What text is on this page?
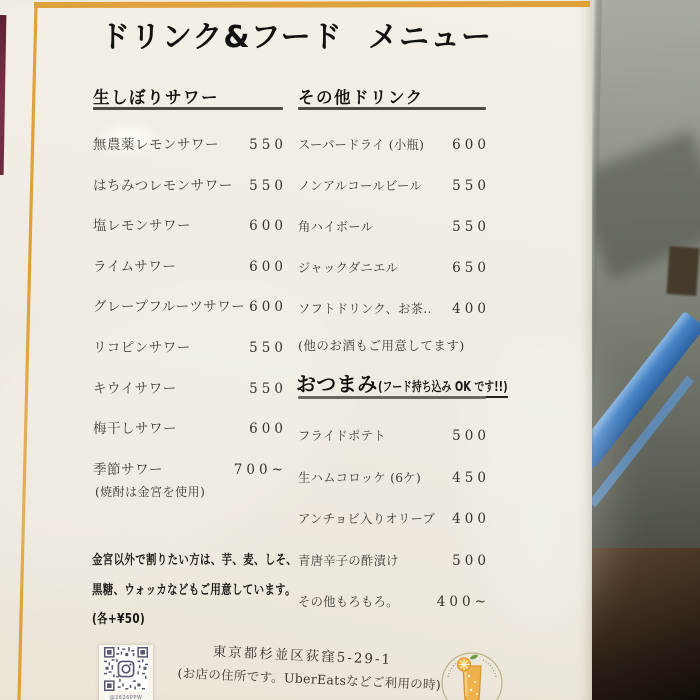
ドリンク&フード メニュー
生しぼりサワー
無農薬レモンサワー 550
はちみつレモンサワー 550
塩レモンサワー	600
ライムサワー	600
グレープフルーツサワー 600
リコピンサワー	550
キウイサワー	550
梅干しサワー	600
季節サワー	700~
(焼酎は金宮を使用)
金宮以外で割りたい方は、芋、麦、しそ、
黒糖、ウォッカなどもご用意しています。
(各+¥50)
その他ドリンク
スーパードライ (小瓶) 600
ノンアルコールビール 550
角ハイボール	550
ジャックダニエル	650
ソフトドリンク、お茶.. 400
(他のお酒もご用意してます)
おつまみ (フード持ち込み OK です!!)
フライドポテト	500
生ハムコロッケ (6ケ) 450
アンチョビ入りオリーブ 400
青唐辛子の酢漬け	500
その他もろもろ。	400~
@2626PPW
東京都杉並区荻窪5-29-1
(お店の住所です。UberEatsなどご利用の時)
